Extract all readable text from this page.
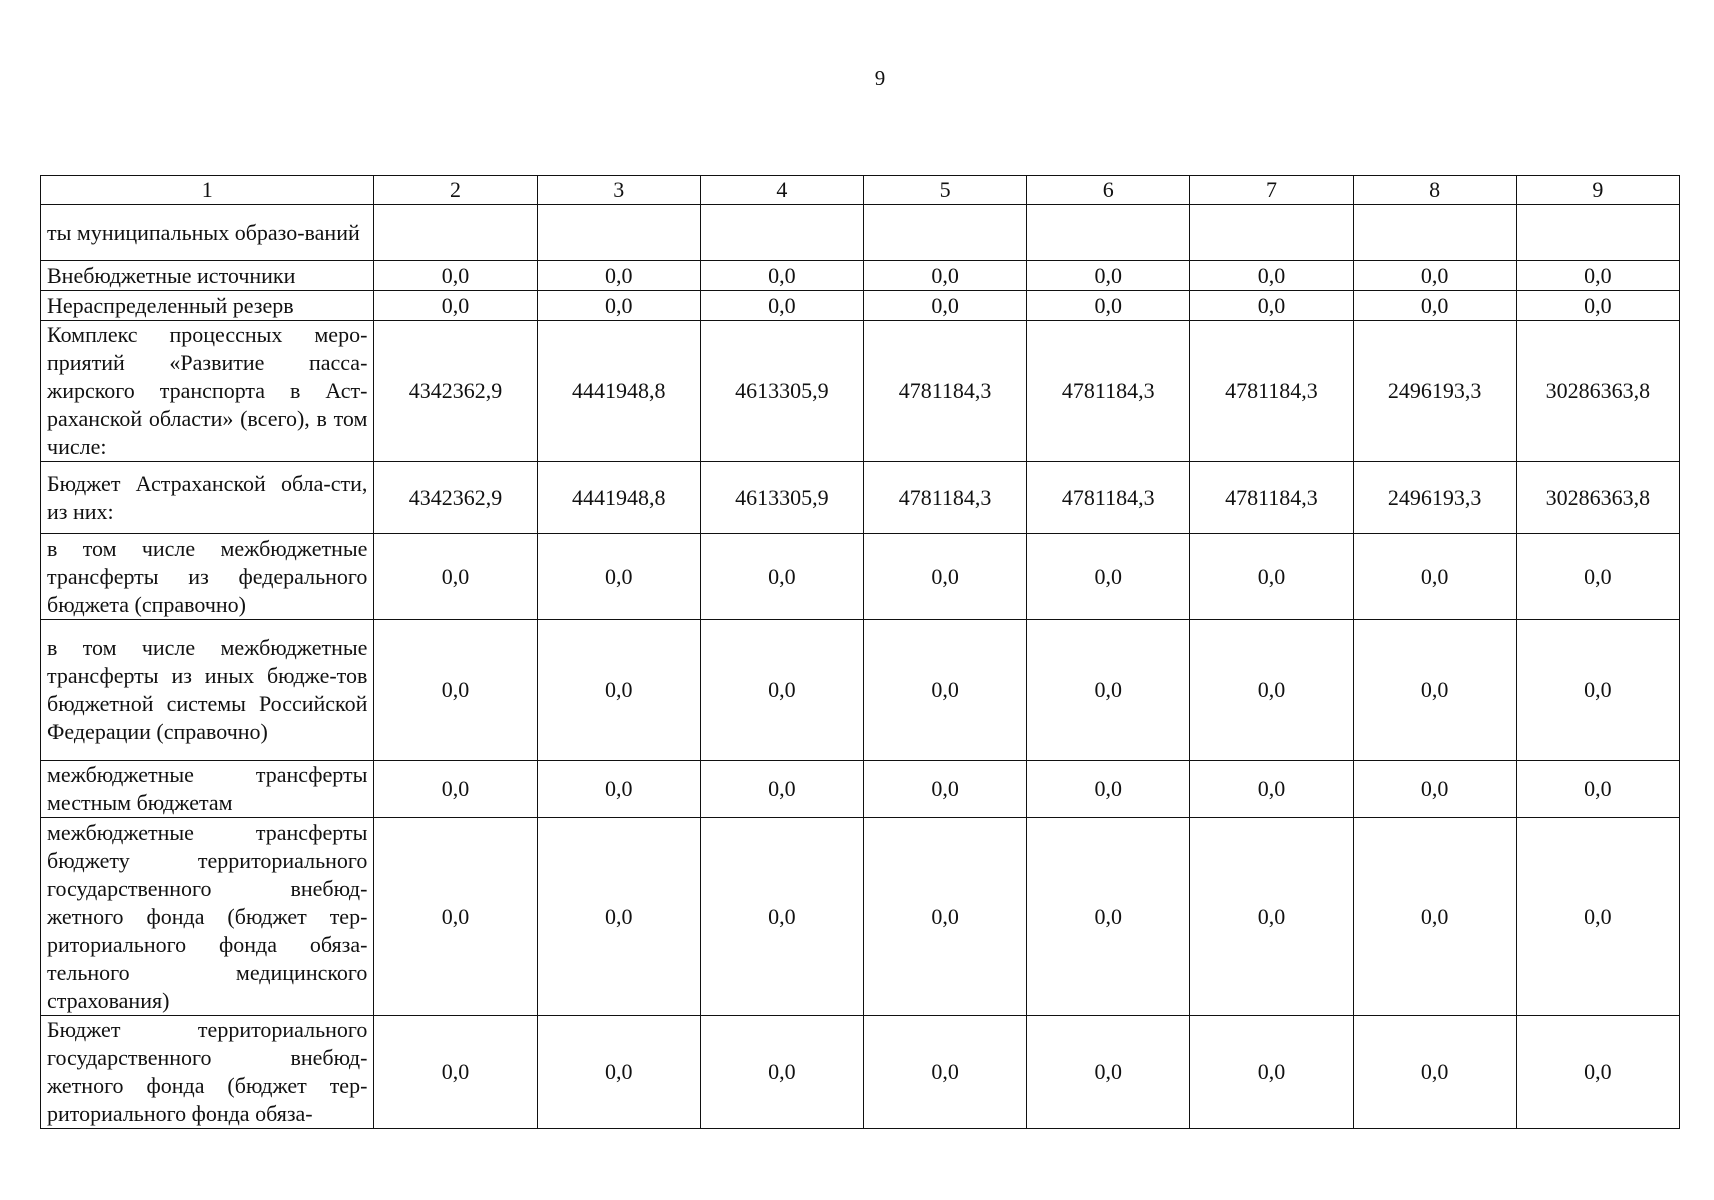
9
1	2	3	4	5	6	7	8	9
ты муниципальных образо-ваний								
Внебюджетные источники	0,0	0,0	0,0	0,0	0,0	0,0	0,0	0,0
Нераспределенный резерв	0,0	0,0	0,0	0,0	0,0	0,0	0,0	0,0
Комплекс процессных меро-приятий «Развитие пасса-жирского транспорта в Аст-раханской области» (всего), в том числе:	4342362,9	4441948,8	4613305,9	4781184,3	4781184,3	4781184,3	2496193,3	30286363,8
Бюджет Астраханской обла-сти, из них:	4342362,9	4441948,8	4613305,9	4781184,3	4781184,3	4781184,3	2496193,3	30286363,8
в том числе межбюджетные трансферты из федерального бюджета (справочно)	0,0	0,0	0,0	0,0	0,0	0,0	0,0	0,0
в том числе межбюджетные трансферты из иных бюдже-тов бюджетной системы Российской Федерации (справочно)	0,0	0,0	0,0	0,0	0,0	0,0	0,0	0,0
межбюджетные трансферты местным бюджетам	0,0	0,0	0,0	0,0	0,0	0,0	0,0	0,0
межбюджетные трансферты бюджету территориального государственного внебюд-жетного фонда (бюджет тер-риториального фонда обяза-тельного медицинского страхования)	0,0	0,0	0,0	0,0	0,0	0,0	0,0	0,0
Бюджет территориального государственного внебюд-жетного фонда (бюджет тер-риториального фонда обяза-	0,0	0,0	0,0	0,0	0,0	0,0	0,0	0,0
